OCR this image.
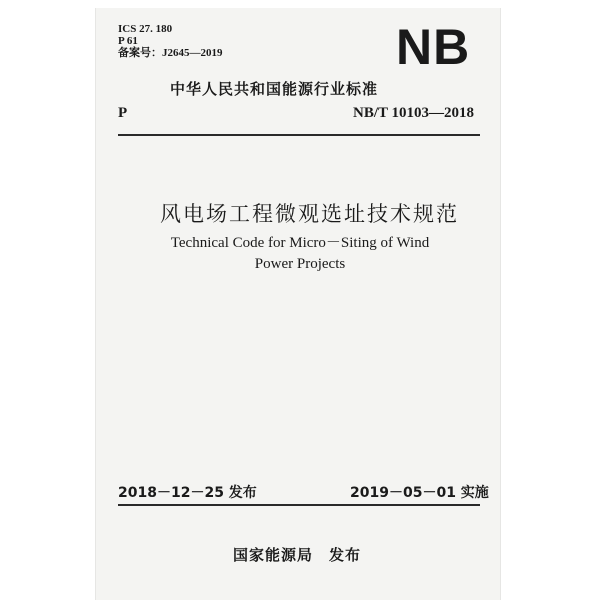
ICS 27. 180
P 61
备案号：J2645—2019	NB
中华人民共和国能源行业标准
P	NB/T 10103—2018
风电场工程微观选址技术规范
Technical Code for Micro－Siting of Wind
Power Projects
2018－12－25 发布	2019－05－01 实施
国家能源局　发布
